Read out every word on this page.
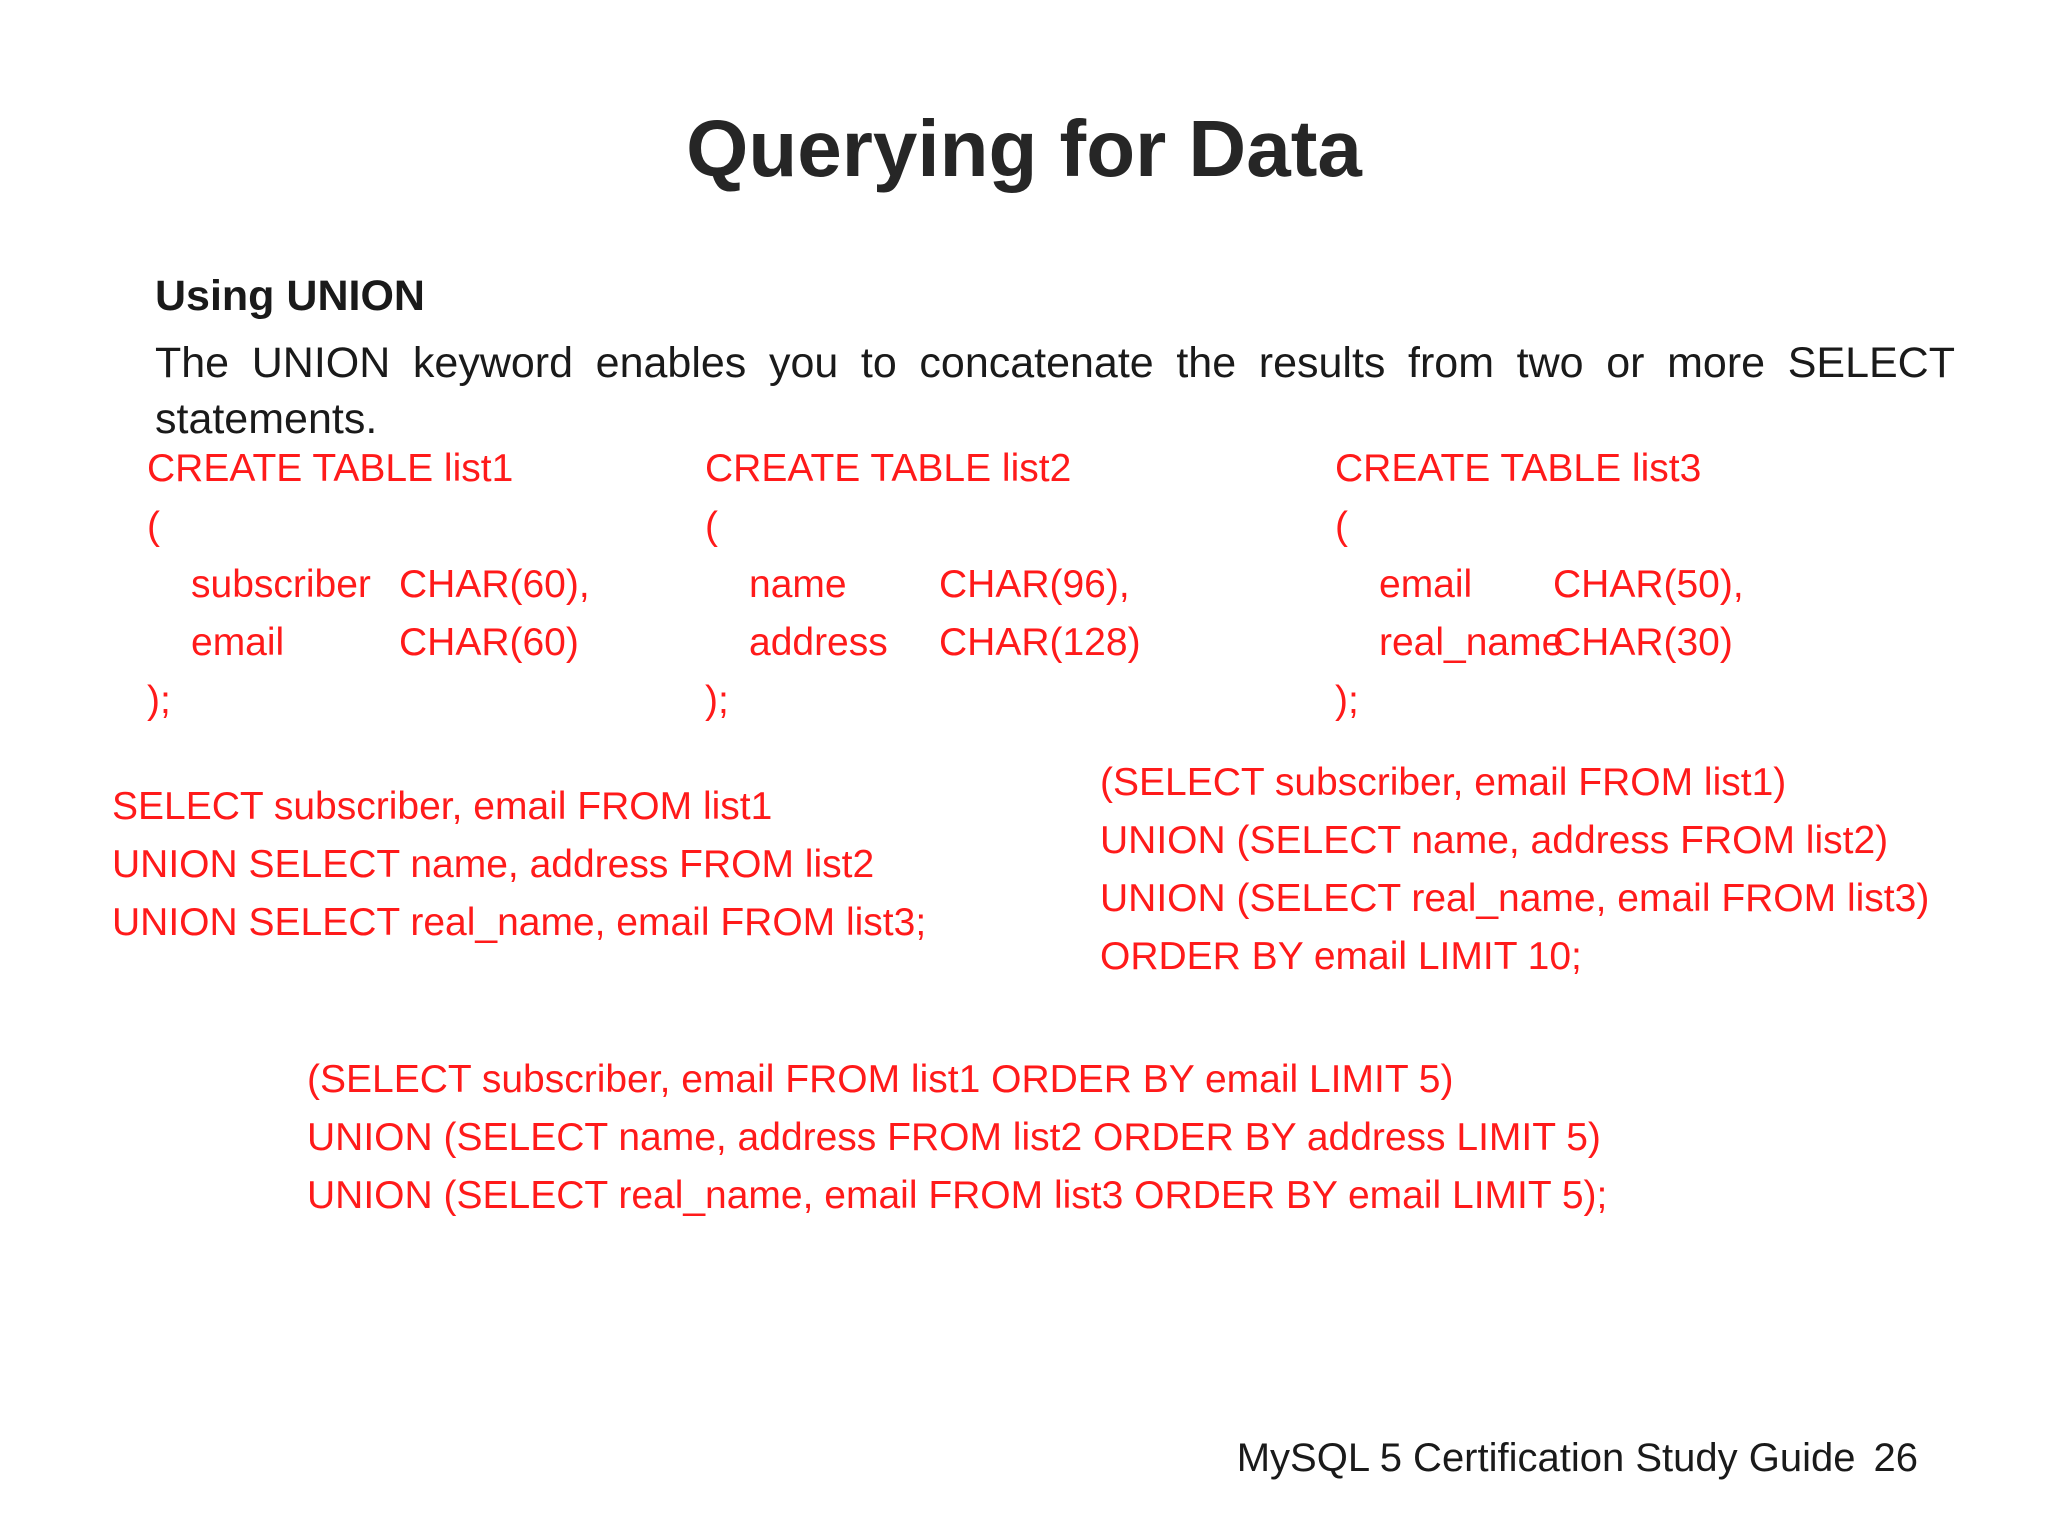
Querying for Data
Using UNION
The UNION keyword enables you to concatenate the results from two or more SELECT statements.
CREATE TABLE list1
(
subscriber CHAR(60),
email	CHAR(60)
);
CREATE TABLE list2
(
name CHAR(96),
address CHAR(128)
);
CREATE TABLE list3
(
email CHAR(50),
real_nameCHAR(30)
);
SELECT subscriber, email FROM list1
UNION SELECT name, address FROM list2
UNION SELECT real_name, email FROM list3;
(SELECT subscriber, email FROM list1)
UNION (SELECT name, address FROM list2)
UNION (SELECT real_name, email FROM list3)
ORDER BY email LIMIT 10;
(SELECT subscriber, email FROM list1 ORDER BY email LIMIT 5)
UNION (SELECT name, address FROM list2 ORDER BY address LIMIT 5)
UNION (SELECT real_name, email FROM list3 ORDER BY email LIMIT 5);
MySQL 5 Certification Study Guide 26
